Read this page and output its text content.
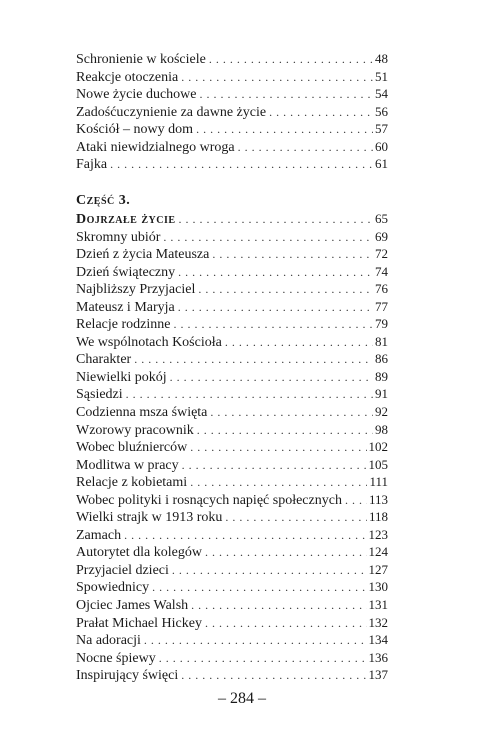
Schronienie w kościele . . .	48
Reakcje otoczenia . . .	51
Nowe życie duchowe . . .	54
Zadośćuczynienie za dawne życie . . .	56
Kościół – nowy dom . . .	57
Ataki niewidzialnego wroga . . .	60
Fajka . . .	61
Część 3.
Dojrzałe życie . . .	65
Skromny ubiór . . .	69
Dzień z życia Mateusza . . .	72
Dzień świąteczny . . .	74
Najbliższy Przyjaciel . . .	76
Mateusz i Maryja . . .	77
Relacje rodzinne . . .	79
We wspólnotach Kościoła . . .	81
Charakter . . .	86
Niewielki pokój . . .	89
Sąsiedzi . . .	91
Codzienna msza święta . . .	92
Wzorowy pracownik . . .	98
Wobec bluźnierców . . .	102
Modlitwa w pracy . . .	105
Relacje z kobietami . . .	111
Wobec polityki i rosnących napięć społecznych . . . 113
Wielki strajk w 1913 roku . . .	118
Zamach . . .	123
Autorytet dla kolegów . . .	124
Przyjaciel dzieci . . .	127
Spowiednicy . . .	130
Ojciec James Walsh . . .	131
Prałat Michael Hickey . . .	132
Na adoracji . . .	134
Nocne śpiewy . . .	136
Inspirujący święci . . .	137
– 284 –
